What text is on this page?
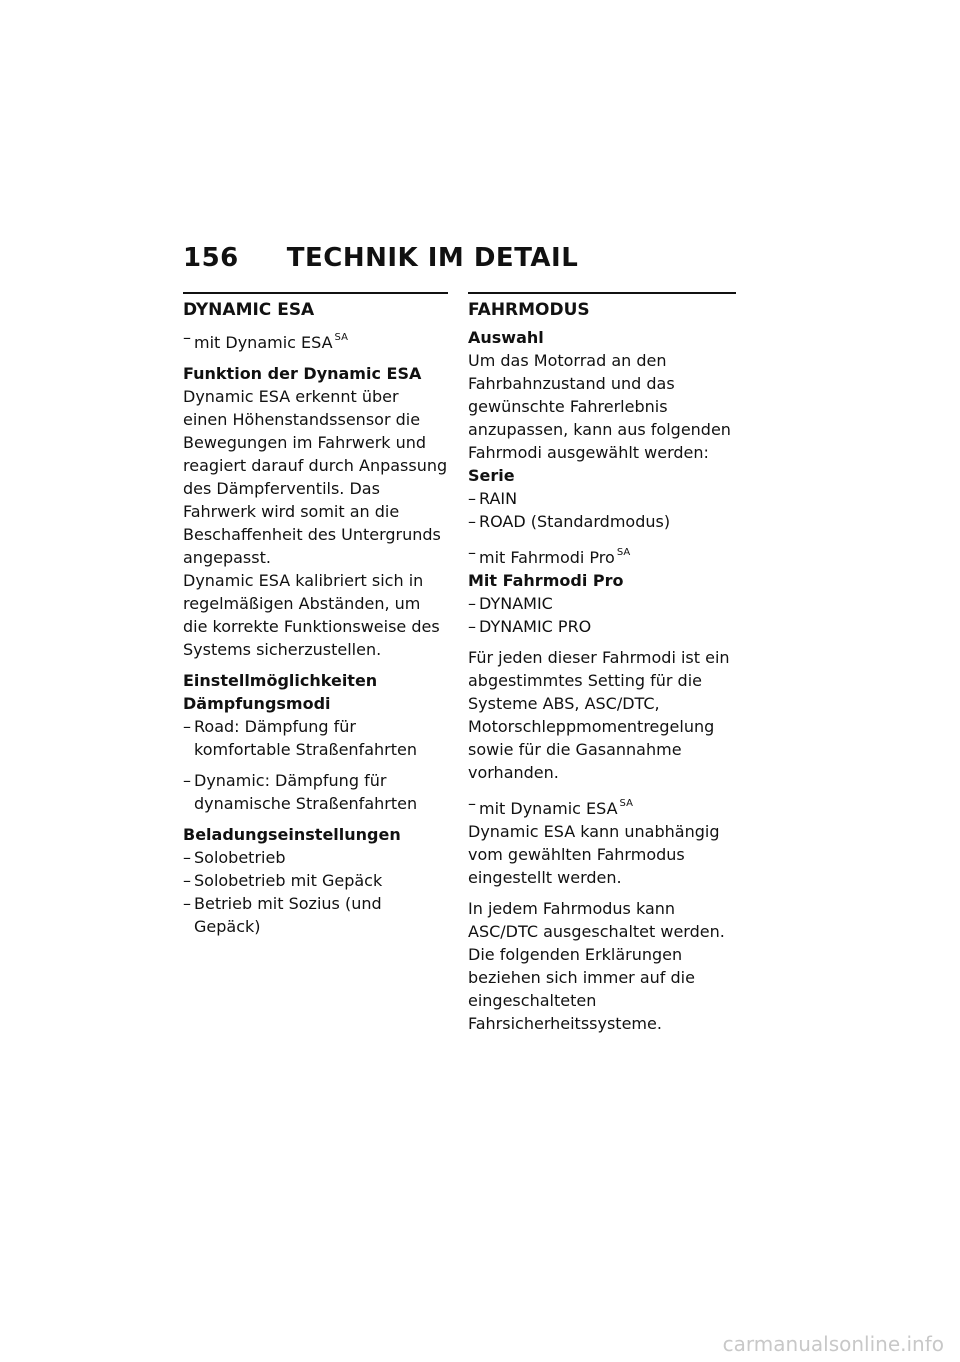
156 TECHNIK IM DETAIL
DYNAMIC ESA
– mit Dynamic ESA $^{SA}$
Funktion der Dynamic ESA

Dynamic ESA erkennt über einen Höhenstandssensor die Bewegungen im Fahrwerk und reagiert darauf durch Anpassung des Dämpferventils. Das Fahrwerk wird somit an die Beschaffenheit des Untergrunds angepasst.

Dynamic ESA kalibriert sich in regelmäßigen Abständen, um die korrekte Funktionsweise des Systems sicherzustellen.

Einstellmöglichkeiten
Dämpfungsmodi
– Road: Dämpfung für komfortable Straßenfahrten
– Dynamic: Dämpfung für dynamische Straßenfahrten
Beladungseinstellungen
– Solobetrieb
– Solobetrieb mit Gepäck
– Betrieb mit Sozius (und Gepäck)
FAHRMODUS
Auswahl

Um das Motorrad an den Fahrbahnzustand und das gewünschte Fahrerlebnis anzupassen, kann aus folgenden Fahrmodi ausgewählt werden:

Serie
– RAIN
– ROAD (Standardmodus)
– mit Fahrmodi Pro $^{SA}$
Mit Fahrmodi Pro
– DYNAMIC
– DYNAMIC PRO

Für jeden dieser Fahrmodi ist ein abgestimmtes Setting für die Systeme ABS, ASC/DTC, Motorschleppmomentregelung sowie für die Gasannahme vorhanden.

– mit Dynamic ESA $^{SA}$

Dynamic ESA kann unabhängig vom gewählten Fahrmodus eingestellt werden.

In jedem Fahrmodus kann ASC/DTC ausgeschaltet werden. Die folgenden Erklärungen beziehen sich immer auf die eingeschalteten Fahrsicherheitssysteme.

carmanualsonline.info
